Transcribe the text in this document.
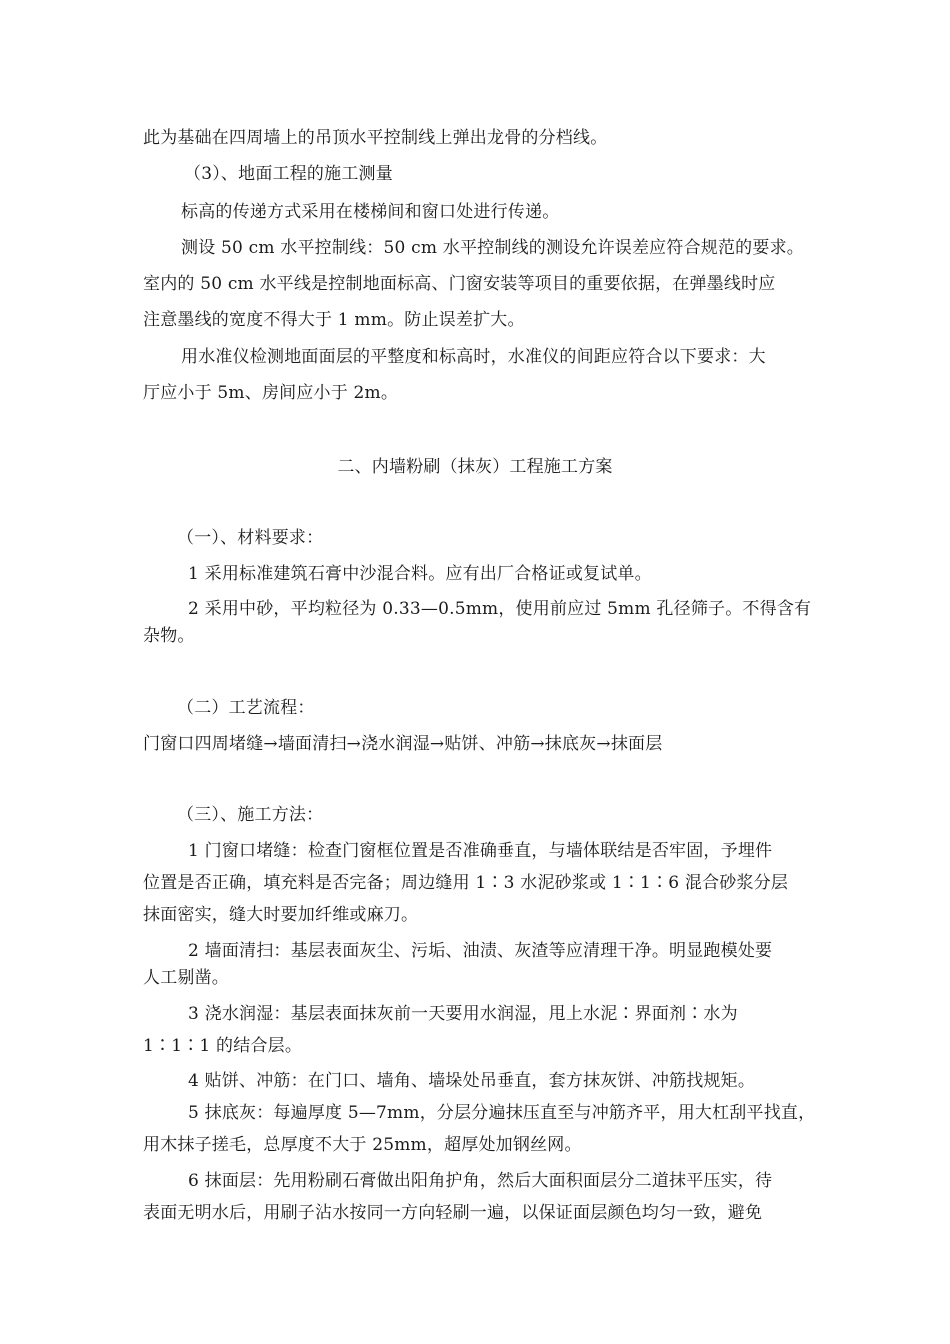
此为基础在四周墙上的吊顶水平控制线上弹出龙骨的分档线。
（3）、地面工程的施工测量
标高的传递方式采用在楼梯间和窗口处进行传递。
测设 50 cm 水平控制线：50 cm 水平控制线的测设允许误差应符合规范的要求。
室内的 50 cm 水平线是控制地面标高、门窗安装等项目的重要依据，在弹墨线时应
注意墨线的宽度不得大于 1 mm。防止误差扩大。
用水准仪检测地面面层的平整度和标高时，水准仪的间距应符合以下要求：大
厅应小于 5m、房间应小于 2m。
二、内墙粉刷（抹灰）工程施工方案
（一）、材料要求：
1 采用标准建筑石膏中沙混合料。应有出厂合格证或复试单。
2 采用中砂，平均粒径为 0.33—0.5mm，使用前应过 5mm 孔径筛子。不得含有
杂物。
（二）工艺流程：
门窗口四周堵缝→墙面清扫→浇水润湿→贴饼、冲筋→抹底灰→抹面层
（三）、施工方法：
1 门窗口堵缝：检查门窗框位置是否准确垂直，与墙体联结是否牢固，予埋件
位置是否正确，填充料是否完备；周边缝用 1∶3 水泥砂浆或 1∶1∶6 混合砂浆分层
抹面密实，缝大时要加纤维或麻刀。
2 墙面清扫：基层表面灰尘、污垢、油渍、灰渣等应清理干净。明显跑模处要
人工剔凿。
3 浇水润湿：基层表面抹灰前一天要用水润湿，甩上水泥∶界面剂∶水为
1∶1∶1 的结合层。
4 贴饼、冲筋：在门口、墙角、墙垛处吊垂直，套方抹灰饼、冲筋找规矩。
5 抹底灰：每遍厚度 5—7mm，分层分遍抹压直至与冲筋齐平，用大杠刮平找直，
用木抹子搓毛，总厚度不大于 25mm，超厚处加钢丝网。
6 抹面层：先用粉刷石膏做出阳角护角，然后大面积面层分二道抹平压实，待
表面无明水后，用刷子沾水按同一方向轻刷一遍，以保证面层颜色均匀一致，避免
